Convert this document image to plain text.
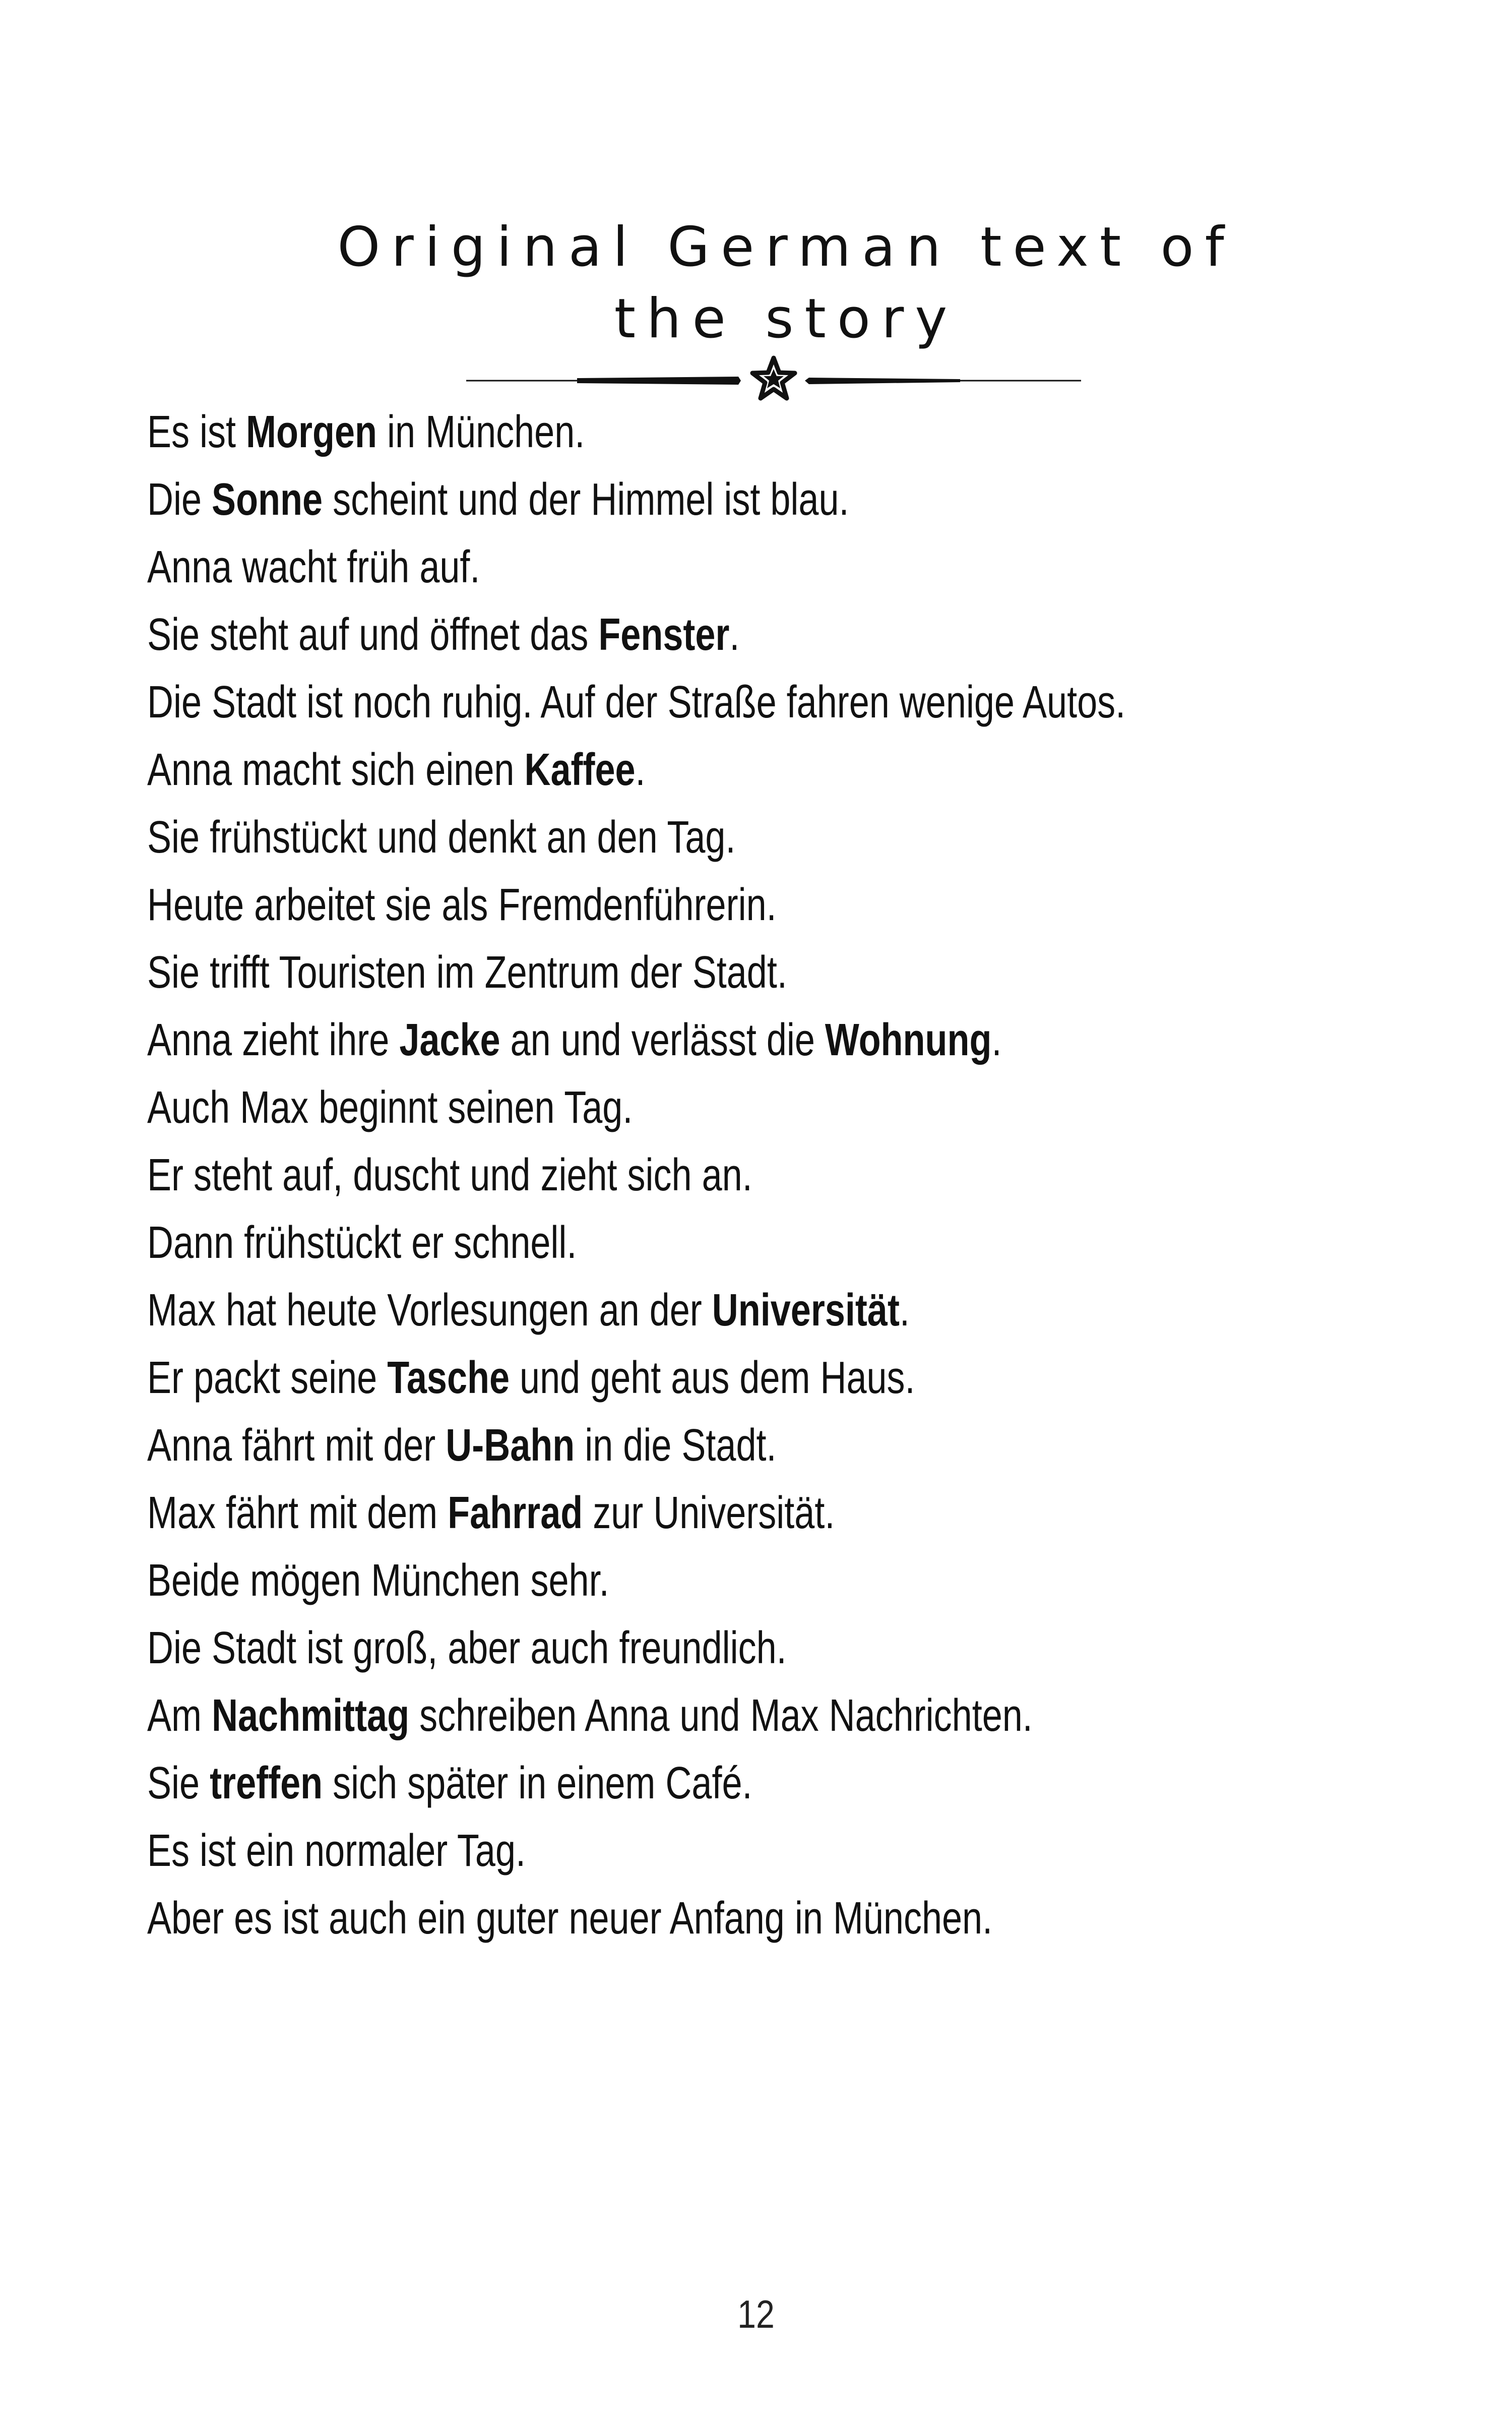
Original German text of
the story
Es ist Morgen in München.
Die Sonne scheint und der Himmel ist blau.
Anna wacht früh auf.
Sie steht auf und öffnet das Fenster.
Die Stadt ist noch ruhig. Auf der Straße fahren wenige Autos.
Anna macht sich einen Kaffee.
Sie frühstückt und denkt an den Tag.
Heute arbeitet sie als Fremdenführerin.
Sie trifft Touristen im Zentrum der Stadt.
Anna zieht ihre Jacke an und verlässt die Wohnung.
Auch Max beginnt seinen Tag.
Er steht auf, duscht und zieht sich an.
Dann frühstückt er schnell.
Max hat heute Vorlesungen an der Universität.
Er packt seine Tasche und geht aus dem Haus.
Anna fährt mit der U-Bahn in die Stadt.
Max fährt mit dem Fahrrad zur Universität.
Beide mögen München sehr.
Die Stadt ist groß, aber auch freundlich.
Am Nachmittag schreiben Anna und Max Nachrichten.
Sie treffen sich später in einem Café.
Es ist ein normaler Tag.
Aber es ist auch ein guter neuer Anfang in München.
12
